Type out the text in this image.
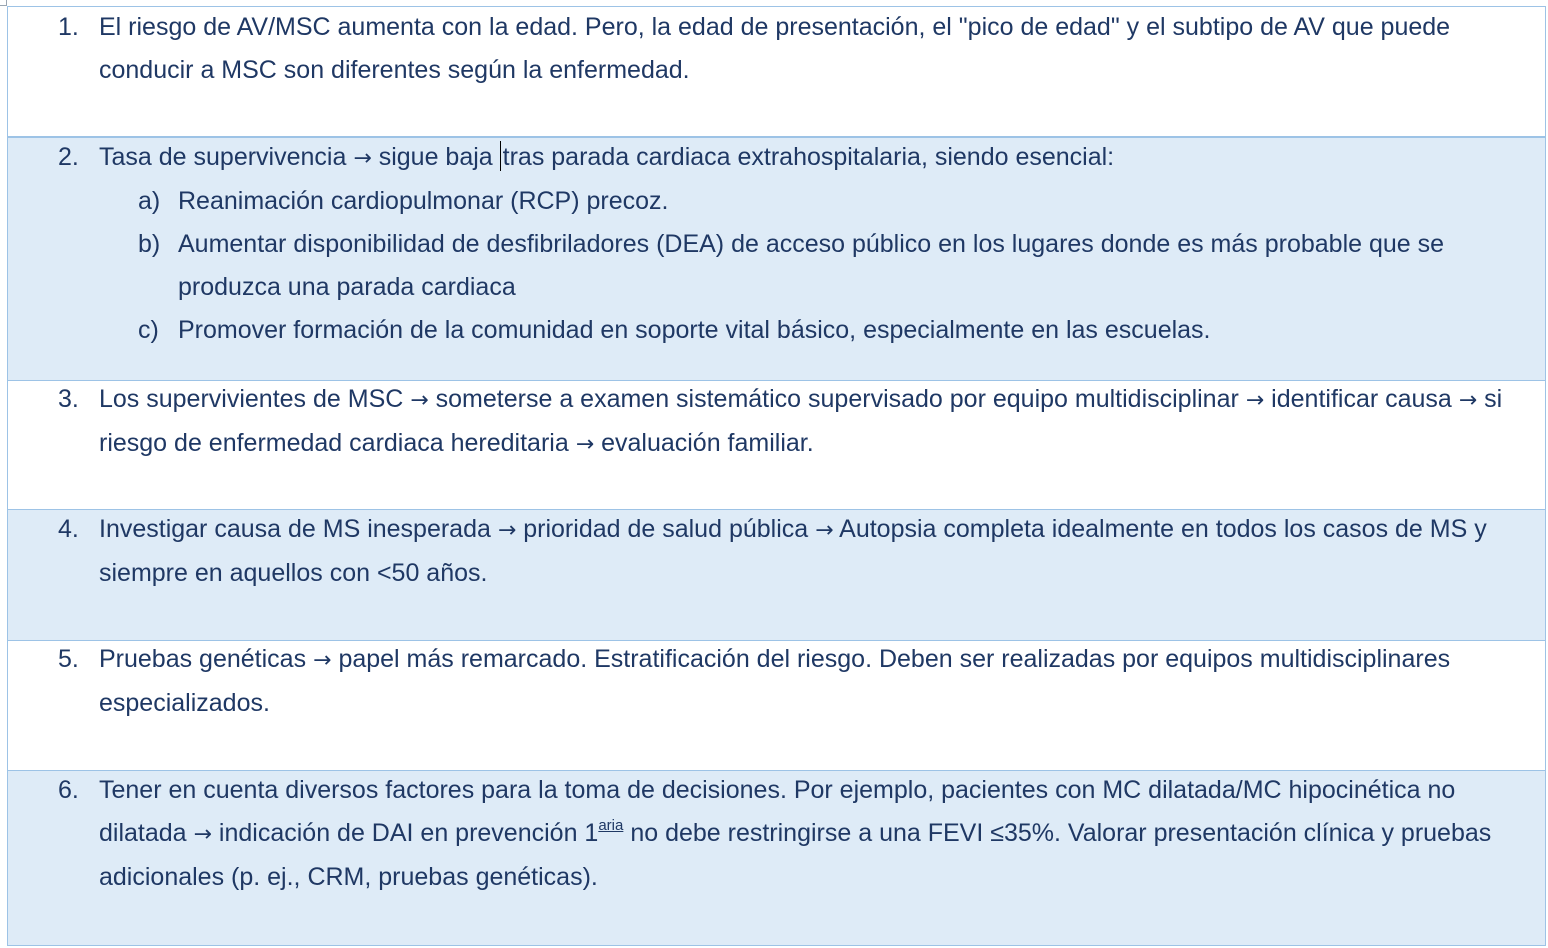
1. El riesgo de AV/MSC aumenta con la edad. Pero, la edad de presentación, el "pico de edad" y el subtipo de AV que puede conducir a MSC son diferentes según la enfermedad.
2. Tasa de supervivencia → sigue baja tras parada cardiaca extrahospitalaria, siendo esencial:
a) Reanimación cardiopulmonar (RCP) precoz.
b) Aumentar disponibilidad de desfibriladores (DEA) de acceso público en los lugares donde es más probable que se produzca una parada cardiaca
c) Promover formación de la comunidad en soporte vital básico, especialmente en las escuelas.
3. Los supervivientes de MSC → someterse a examen sistemático supervisado por equipo multidisciplinar → identificar causa → si riesgo de enfermedad cardiaca hereditaria → evaluación familiar.
4. Investigar causa de MS inesperada → prioridad de salud pública → Autopsia completa idealmente en todos los casos de MS y siempre en aquellos con <50 años.
5. Pruebas genéticas → papel más remarcado. Estratificación del riesgo. Deben ser realizadas por equipos multidisciplinares especializados.
6. Tener en cuenta diversos factores para la toma de decisiones. Por ejemplo, pacientes con MC dilatada/MC hipocinética no dilatada → indicación de DAI en prevención $1^{aria}$ no debe restringirse a una FEVI ≤35%. Valorar presentación clínica y pruebas adicionales (p. ej., CRM, pruebas genéticas).
